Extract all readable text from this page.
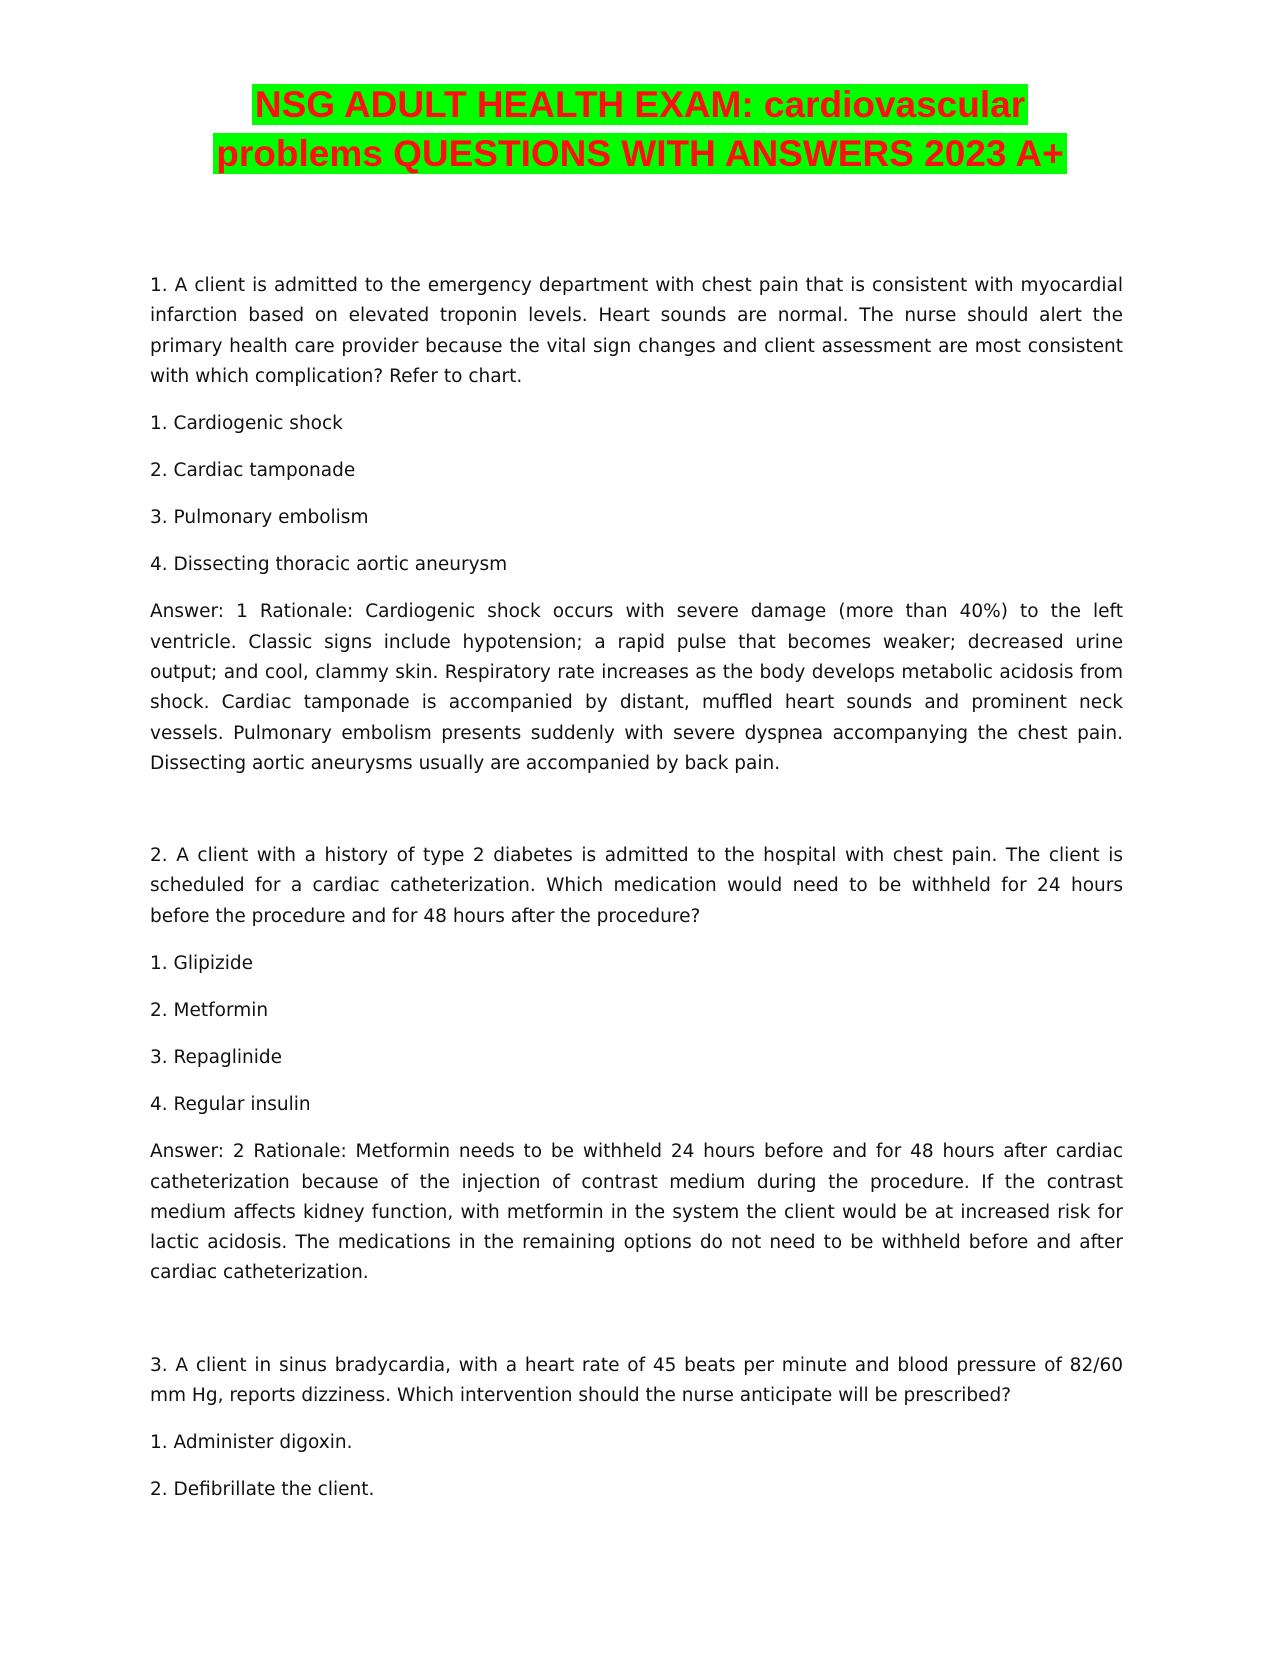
NSG ADULT HEALTH EXAM: cardiovascular
problems QUESTIONS WITH ANSWERS 2023 A+

1. A client is admitted to the emergency department with chest pain that is consistent with myocardial infarction based on elevated troponin levels. Heart sounds are normal. The nurse should alert the primary health care provider because the vital sign changes and client assessment are most consistent with which complication? Refer to chart.

1. Cardiogenic shock

2. Cardiac tamponade

3. Pulmonary embolism

4. Dissecting thoracic aortic aneurysm

Answer: 1 Rationale: Cardiogenic shock occurs with severe damage (more than 40%) to the left ventricle. Classic signs include hypotension; a rapid pulse that becomes weaker; decreased urine output; and cool, clammy skin. Respiratory rate increases as the body develops metabolic acidosis from shock. Cardiac tamponade is accompanied by distant, muffled heart sounds and prominent neck vessels. Pulmonary embolism presents suddenly with severe dyspnea accompanying the chest pain. Dissecting aortic aneurysms usually are accompanied by back pain.

2. A client with a history of type 2 diabetes is admitted to the hospital with chest pain. The client is scheduled for a cardiac catheterization. Which medication would need to be withheld for 24 hours before the procedure and for 48 hours after the procedure?

1. Glipizide

2. Metformin

3. Repaglinide

4. Regular insulin

Answer: 2 Rationale: Metformin needs to be withheld 24 hours before and for 48 hours after cardiac catheterization because of the injection of contrast medium during the procedure. If the contrast medium affects kidney function, with metformin in the system the client would be at increased risk for lactic acidosis. The medications in the remaining options do not need to be withheld before and after cardiac catheterization.

3. A client in sinus bradycardia, with a heart rate of 45 beats per minute and blood pressure of 82/60 mm Hg, reports dizziness. Which intervention should the nurse anticipate will be prescribed?

1. Administer digoxin.

2. Defibrillate the client.
